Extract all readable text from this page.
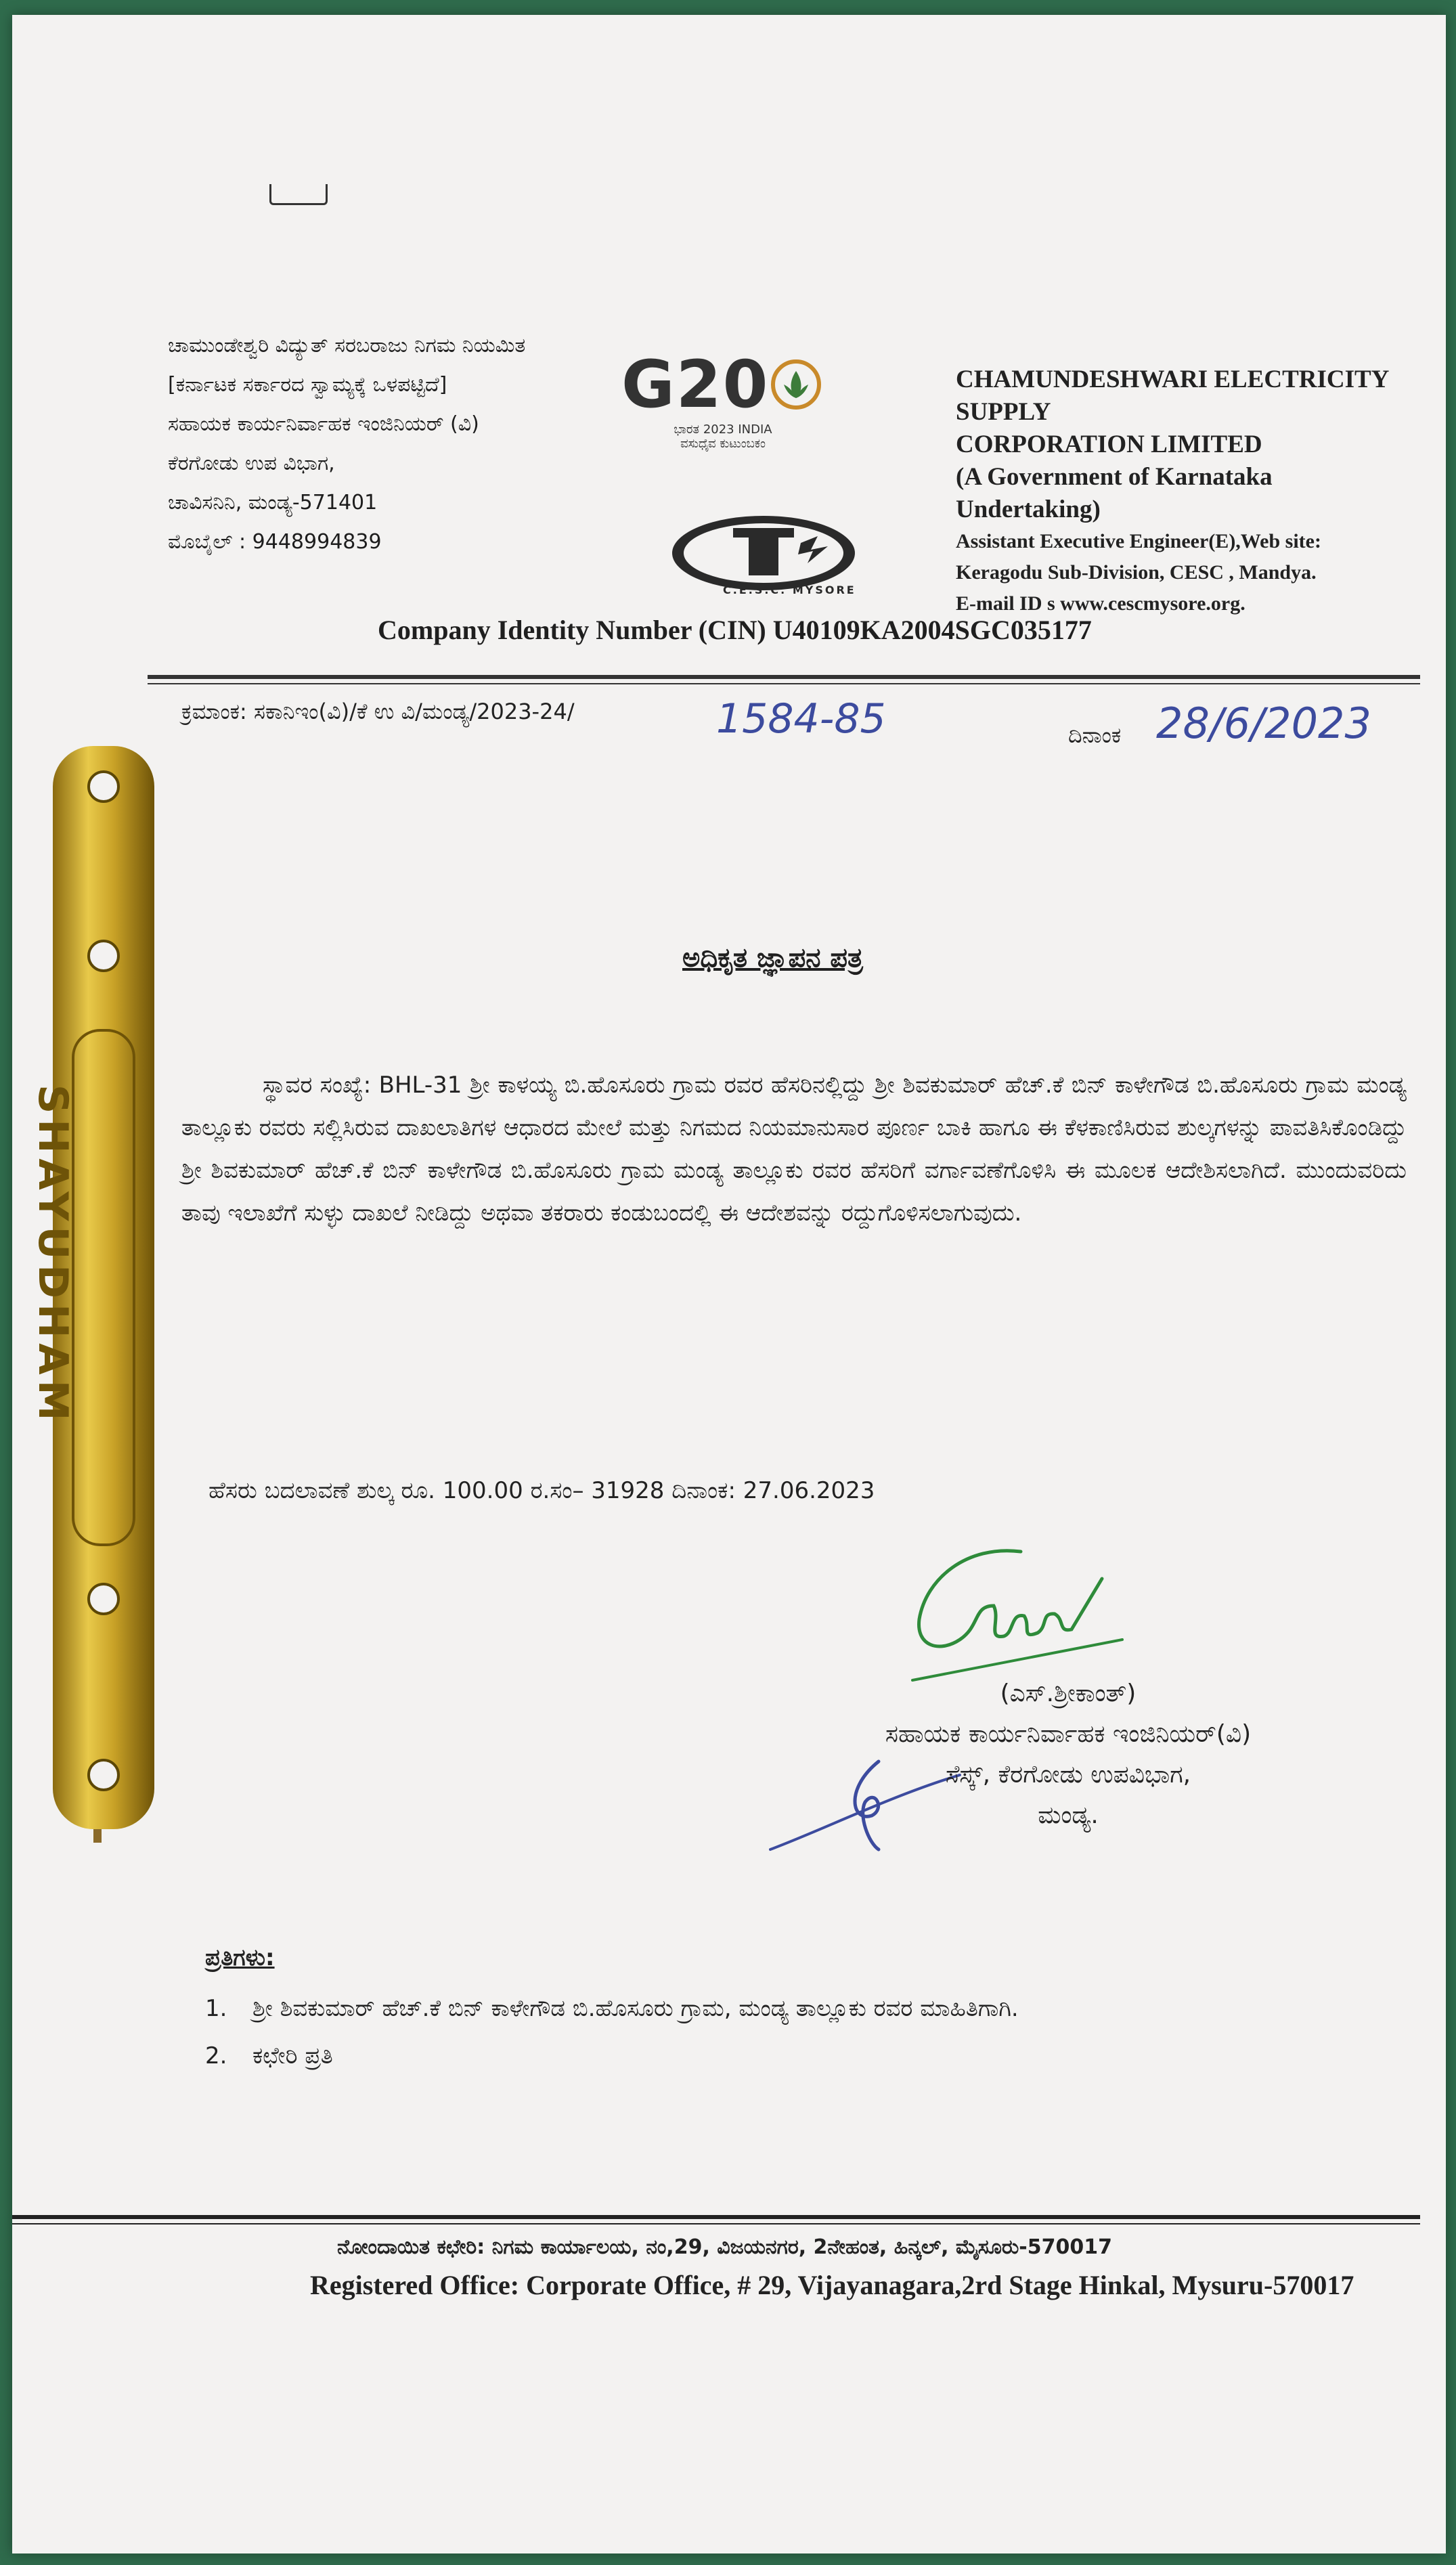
ಚಾಮುಂಡೇಶ್ವರಿ ವಿದ್ಯುತ್ ಸರಬರಾಜು ನಿಗಮ ನಿಯಮಿತ
[ಕರ್ನಾಟಕ ಸರ್ಕಾರದ ಸ್ವಾಮ್ಯಕ್ಕೆ ಒಳಪಟ್ಟಿದೆ]
ಸಹಾಯಕ ಕಾರ್ಯನಿರ್ವಾಹಕ ಇಂಜಿನಿಯರ್ (ವಿ)
ಕೆರಗೋಡು ಉಪ ವಿಭಾಗ,
ಚಾವಿಸನಿನಿ, ಮಂಡ್ಯ-571401
ಮೊಬೈಲ್ : 9448994839
G20
ಭಾರತ 2023 INDIA
ವಸುಧೈವ ಕುಟುಂಬಕಂ
C.E.S.C. MYSORE
CHAMUNDESHWARI ELECTRICITY SUPPLY
CORPORATION LIMITED
(A Government of Karnataka
Undertaking)
Assistant Executive Engineer(E),Web site:
Keragodu Sub-Division, CESC , Mandya.
E-mail ID s www.cescmysore.org.
Company Identity Number (CIN) U40109KA2004SGC035177
ಕ್ರಮಾಂಕ: ಸಕಾನಿಇಂ(ವಿ)/ಕೆ ಉ ವಿ/ಮಂಡ್ಯ/2023-24/	1584-85	ದಿನಾಂಕ 28/6/2023
ಅಧಿಕೃತ ಜ್ಞಾಪನ ಪತ್ರ
ಸ್ಥಾವರ ಸಂಖ್ಯೆ: BHL-31 ಶ್ರೀ ಕಾಳಯ್ಯ ಬಿ.ಹೊಸೂರು ಗ್ರಾಮ ರವರ ಹೆಸರಿನಲ್ಲಿದ್ದು ಶ್ರೀ ಶಿವಕುಮಾರ್ ಹೆಚ್.ಕೆ ಬಿನ್ ಕಾಳೇಗೌಡ ಬಿ.ಹೊಸೂರು ಗ್ರಾಮ ಮಂಡ್ಯ ತಾಲ್ಲೂಕು ರವರು ಸಲ್ಲಿಸಿರುವ ದಾಖಲಾತಿಗಳ ಆಧಾರದ ಮೇಲೆ ಮತ್ತು ನಿಗಮದ ನಿಯಮಾನುಸಾರ ಪೂರ್ಣ ಬಾಕಿ ಹಾಗೂ ಈ ಕೆಳಕಾಣಿಸಿರುವ ಶುಲ್ಕಗಳನ್ನು ಪಾವತಿಸಿಕೊಂಡಿದ್ದು ಶ್ರೀ ಶಿವಕುಮಾರ್ ಹೆಚ್.ಕೆ ಬಿನ್ ಕಾಳೇಗೌಡ ಬಿ.ಹೊಸೂರು ಗ್ರಾಮ ಮಂಡ್ಯ ತಾಲ್ಲೂಕು ರವರ ಹೆಸರಿಗೆ ವರ್ಗಾವಣೆಗೊಳಿಸಿ ಈ ಮೂಲಕ ಆದೇಶಿಸಲಾಗಿದೆ. ಮುಂದುವರಿದು ತಾವು ಇಲಾಖೆಗೆ ಸುಳ್ಳು ದಾಖಲೆ ನೀಡಿದ್ದು ಅಥವಾ ತಕರಾರು ಕಂಡುಬಂದಲ್ಲಿ ಈ ಆದೇಶವನ್ನು ರದ್ದುಗೊಳಿಸಲಾಗುವುದು.
ಹೆಸರು ಬದಲಾವಣೆ ಶುಲ್ಕ ರೂ. 100.00 ರ.ಸಂ– 31928 ದಿನಾಂಕ: 27.06.2023
(ಎಸ್.ಶ್ರೀಕಾಂತ್)
ಸಹಾಯಕ ಕಾರ್ಯನಿರ್ವಾಹಕ ಇಂಜಿನಿಯರ್(ವಿ)
ಸೆಸ್ಕ್, ಕೆರಗೋಡು ಉಪವಿಭಾಗ,
ಮಂಡ್ಯ.
ಪ್ರತಿಗಳು:
1. ಶ್ರೀ ಶಿವಕುಮಾರ್ ಹೆಚ್.ಕೆ ಬಿನ್ ಕಾಳೇಗೌಡ ಬಿ.ಹೊಸೂರು ಗ್ರಾಮ, ಮಂಡ್ಯ ತಾಲ್ಲೂಕು ರವರ ಮಾಹಿತಿಗಾಗಿ.
2. ಕಛೇರಿ ಪ್ರತಿ
ನೋಂದಾಯಿತ ಕಛೇರಿ: ನಿಗಮ ಕಾರ್ಯಾಲಯ, ನಂ,29, ವಿಜಯನಗರ, 2ನೇಹಂತ, ಹಿನ್ಕಲ್, ಮೈಸೂರು-570017
Registered Office: Corporate Office, # 29, Vijayanagara,2rd Stage Hinkal, Mysuru-570017
SHAYUDHAM
